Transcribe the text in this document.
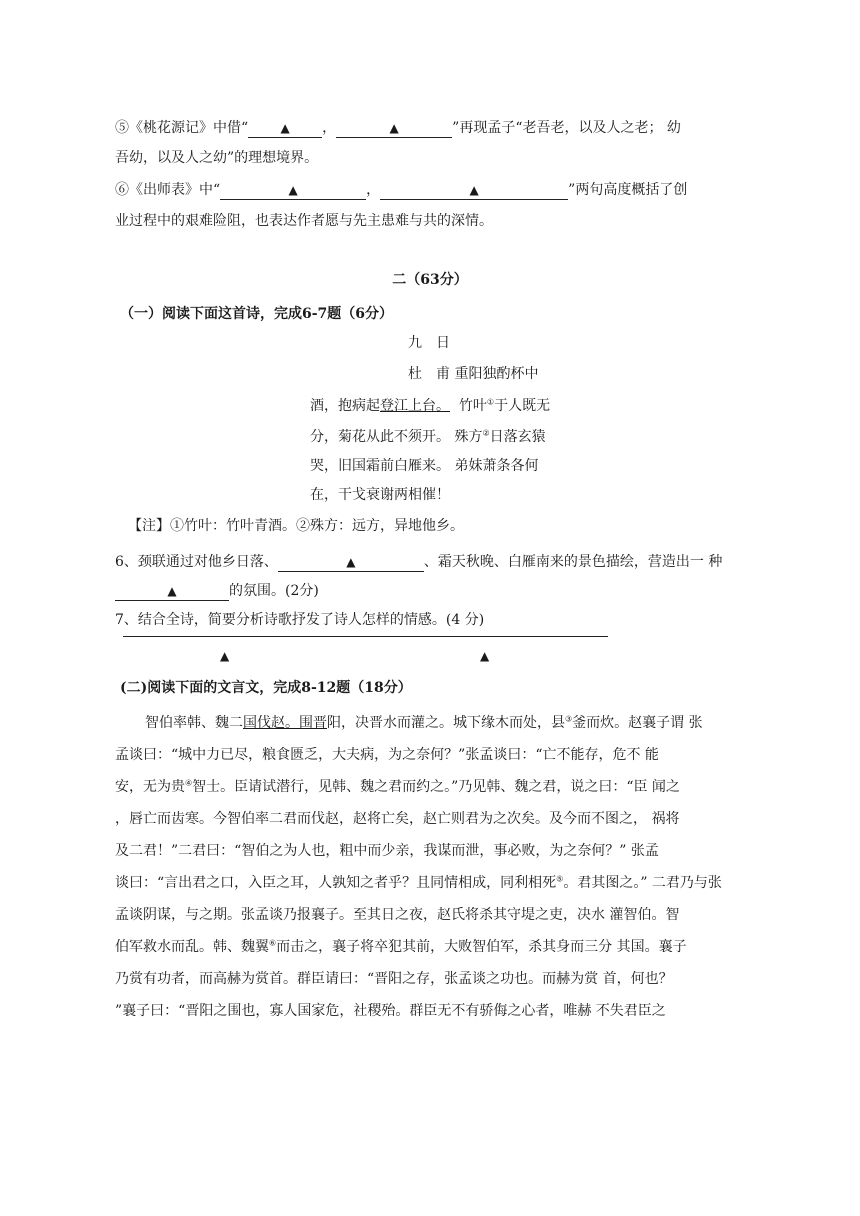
⑤《桃花源记》中借“	▲ ，	▲	”再现孟子“老吾老，以及人之老； 幼
吾幼，以及人之幼”的理想境界。
⑥《出师表》中“	▲	，	▲	”两句高度概括了创
业过程中的艰难险阻，也表达作者愿与先主患难与共的深情。
二（63分）
（一）阅读下面这首诗，完成6-7题（6分）
九　日
杜　甫 重阳独酌杯中
酒，抱病起登江上台。 竹叶①于人既无
分，菊花从此不须开。 殊方②日落玄猿
哭，旧国霜前白雁来。 弟妹萧条各何
在，干戈衰谢两相催！
【注】①竹叶：竹叶青酒。②殊方：远方，异地他乡。
6、颈联通过对他乡日落、	▲	、霜天秋晚、白雁南来的景色描绘，营造出一 种
▲	的氛围。(2分)
7、结合全诗，简要分析诗歌抒发了诗人怎样的情感。(4 分)
▲	▲
(二)阅读下面的文言文，完成8-12题（18分）
智伯率韩、魏二国伐赵。围晋阳，决晋水而灌之。城下缘木而处，县③釜而炊。赵襄子谓 张
孟谈曰：“城中力已尽，粮食匮乏，大夫病，为之奈何？”张孟谈曰：“亡不能存，危不 能
安，无为贵④智士。臣请试潜行，见韩、魏之君而约之。”乃见韩、魏之君，说之曰：“臣 闻之
，唇亡而齿寒。今智伯率二君而伐赵，赵将亡矣，赵亡则君为之次矣。及今而不图之， 祸将
及二君！”二君曰：“智伯之为人也，粗中而少亲，我谋而泄，事必败，为之奈何？” 张孟
谈曰：“言出君之口，入臣之耳，人孰知之者乎？且同情相成，同利相死⑤。君其图之。” 二君乃与张
孟谈阴谋，与之期。张孟谈乃报襄子。至其日之夜，赵氏将杀其守堤之吏，决水 灌智伯。智
伯军救水而乱。韩、魏翼⑥而击之，襄子将卒犯其前，大败智伯军，杀其身而三分 其国。襄子
乃赏有功者，而高赫为赏首。群臣请曰：“晋阳之存，张孟谈之功也。而赫为赏 首，何也？
”襄子曰：“晋阳之围也，寡人国家危，社稷殆。群臣无不有骄侮之心者，唯赫 不失君臣之
